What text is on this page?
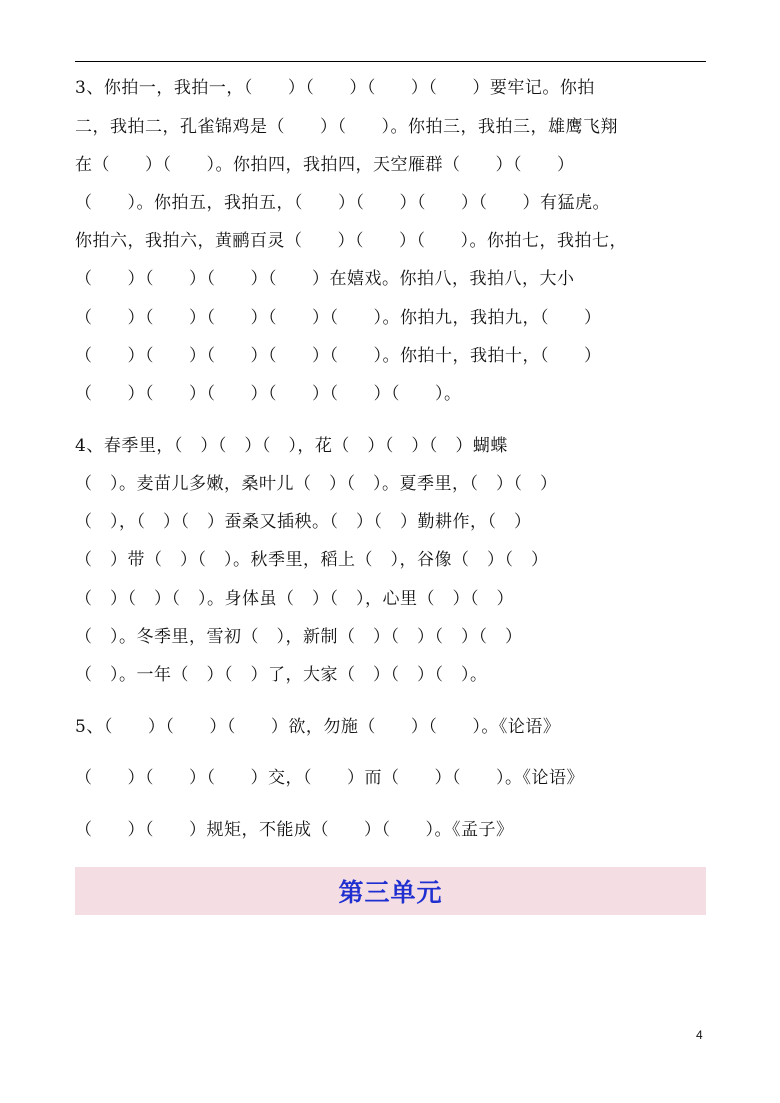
3、你拍一，我拍一，（　　）（　　）（　　）（　　）要牢记。你拍
二，我拍二，孔雀锦鸡是（　　）（　　）。你拍三，我拍三，雄鹰飞翔
在（　　）（　　）。你拍四，我拍四，天空雁群（　　）（　　）
（　　）。你拍五，我拍五，（　　）（　　）（　　）（　　）有猛虎。
你拍六，我拍六，黄鹂百灵（　　）（　　）（　　）。你拍七，我拍七，
（　　）（　　）（　　）（　　）在嬉戏。你拍八，我拍八，大小
（　　）（　　）（　　）（　　）（　　）。你拍九，我拍九，（　　）
（　　）（　　）（　　）（　　）（　　）。你拍十，我拍十，（　　）
（　　）（　　）（　　）（　　）（　　）（　　）。
4、春季里，（　）（　）（　），花（　）（　）（　）蝴蝶
（　）。麦苗儿多嫩，桑叶儿（　）（　）。夏季里，（　）（　）
（　），（　）（　）蚕桑又插秧。（　）（　）勤耕作，（　）
（　）带（　）（　）。秋季里，稻上（　），谷像（　）（　）
（　）（　）（　）。身体虽（　）（　），心里（　）（　）
（　）。冬季里，雪初（　），新制（　）（　）（　）（　）
（　）。一年（　）（　）了，大家（　）（　）（　）。
5、（　　）（　　）（　　）欲，勿施（　　）（　　）。《论语》
（　　）（　　）（　　）交，（　　）而（　　）（　　）。《论语》
（　　）（　　）规矩，不能成（　　）（　　）。《孟子》
第三单元
4
